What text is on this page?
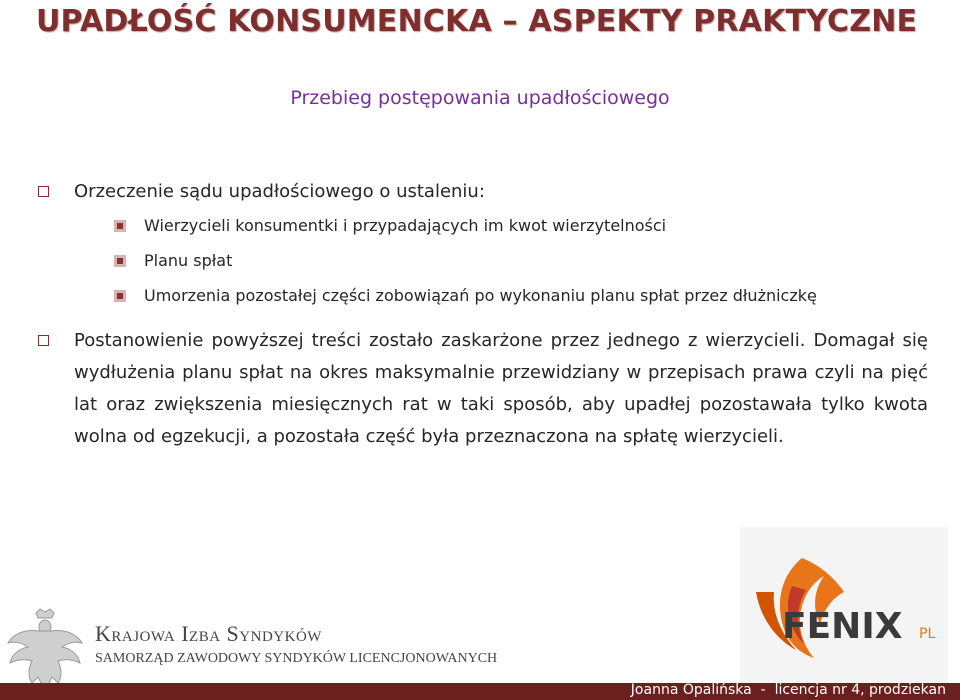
UPADŁOŚĆ KONSUMENCKA – ASPEKTY PRAKTYCZNE
Przebieg postępowania upadłościowego
Orzeczenie sądu upadłościowego o ustaleniu:
Wierzycieli konsumentki i przypadających im kwot wierzytelności
Planu spłat
Umorzenia pozostałej części zobowiązań po wykonaniu planu spłat przez dłużniczkę
Postanowienie powyższej treści zostało zaskarżone przez jednego z wierzycieli. Domagał się wydłużenia planu spłat na okres maksymalnie przewidziany w przepisach prawa czyli na pięć lat oraz zwiększenia miesięcznych rat w taki sposób, aby upadłej pozostawała tylko kwota wolna od egzekucji, a pozostała część była przeznaczona na spłatę wierzycieli.
FENIX PL
Krajowa Izba Syndyków
SAMORZĄD ZAWODOWY SYNDYKÓW LICENCJONOWANYCH
Joanna Opalińska  -  licencja nr 4, prodziekan
